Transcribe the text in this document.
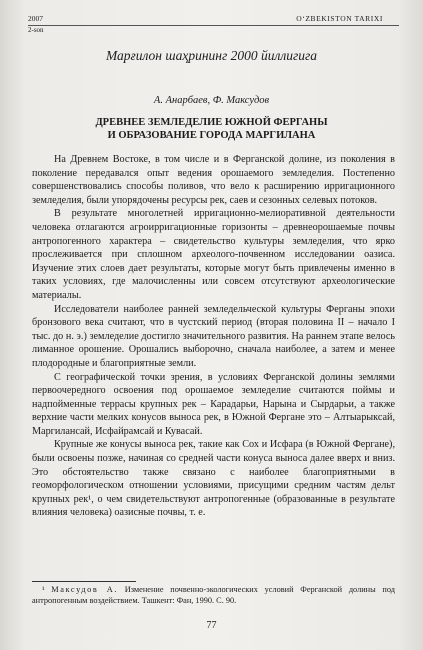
2007	O‘ZBEKISTON TARIXI
2-son
Марғилон шаҳрининг 2000 йиллигига
А. Анарбаев, Ф. Максудов
ДРЕВНЕЕ ЗЕМЛЕДЕЛИЕ ЮЖНОЙ ФЕРГАНЫ
И ОБРАЗОВАНИЕ ГОРОДА МАРГИЛАНА

На Древнем Востоке, в том числе и в Ферганской долине, из поколения в поколение передавался опыт ведения орошаемого земледелия. Постепенно совершенствовались способы поливов, что вело к расширению ирригационного земледелия, были упорядочены ресурсы рек, саев и сезонных селевых потоков.

В результате многолетней ирригационно-мелиоративной деятельности человека отлагаются агроирригационные горизонты – древнеорошаемые почвы антропогенного характера – свидетельство культуры земледелия, что ярко прослеживается при сплошном археолого-почвенном исследовании оазиса. Изучение этих слоев дает результаты, которые могут быть привлечены именно в таких условиях, где малочисленны или совсем отсутствуют археологические материалы.

Исследователи наиболее ранней земледельческой культуры Ферганы эпохи бронзового века считают, что в чустский период (вторая половина II – начало I тыс. до н. э.) земледелие достигло значительного развития. На раннем этапе велось лиманное орошение. Орошались выборочно, сначала наиболее, а затем и менее плодородные и благоприятные земли.

С географической точки зрения, в условиях Ферганской долины землями первоочередного освоения под орошаемое земледелие считаются поймы и надпойменные террасы крупных рек – Карадарьи, Нарына и Сырдарьи, а также верхние части мелких конусов выноса рек, в Южной Фергане это – Алтыарыксай, Маргилансай, Исфайрамсай и Кувасай.

Крупные же конусы выноса рек, такие как Сох и Исфара (в Южной Фергане), были освоены позже, начиная со средней части конуса выноса далее вверх и вниз. Это обстоятельство также связано с наиболее благоприятными в геоморфологическом отношении условиями, присущими средним частям дельт крупных рек¹, о чем свидетельствуют антропогенные (образованные в результате влияния человека) оазисные почвы, т. е.

¹ Максудов А. Изменение почвенно-экологических условий Ферганской долины под антропогенным воздействием. Ташкент: Фан, 1990. С. 90.

77
